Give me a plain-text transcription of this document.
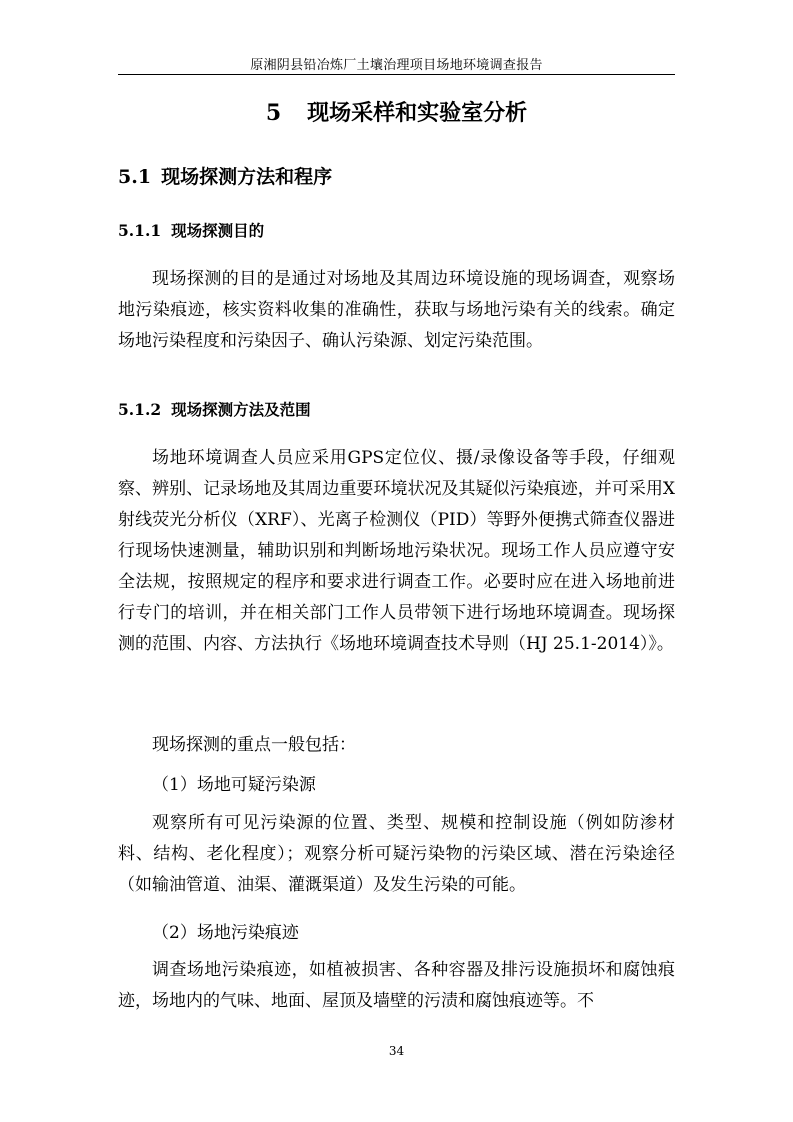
原湘阴县铅冶炼厂土壤治理项目场地环境调查报告
5 现场采样和实验室分析
5.1 现场探测方法和程序
5.1.1 现场探测目的
现场探测的目的是通过对场地及其周边环境设施的现场调查，观察场地污染痕迹，核实资料收集的准确性，获取与场地污染有关的线索。确定场地污染程度和污染因子、确认污染源、划定污染范围。
5.1.2 现场探测方法及范围
场地环境调查人员应采用GPS定位仪、摄/录像设备等手段，仔细观察、辨别、记录场地及其周边重要环境状况及其疑似污染痕迹，并可采用X射线荧光分析仪（XRF）、光离子检测仪（PID）等野外便携式筛查仪器进行现场快速测量，辅助识别和判断场地污染状况。现场工作人员应遵守安全法规，按照规定的程序和要求进行调查工作。必要时应在进入场地前进行专门的培训，并在相关部门工作人员带领下进行场地环境调查。现场探测的范围、内容、方法执行《场地环境调查技术导则（HJ 25.1-2014）》。
现场探测的重点一般包括：
（1）场地可疑污染源
观察所有可见污染源的位置、类型、规模和控制设施（例如防渗材料、结构、老化程度）；观察分析可疑污染物的污染区域、潜在污染途径（如输油管道、油渠、灌溉渠道）及发生污染的可能。
（2）场地污染痕迹
调查场地污染痕迹，如植被损害、各种容器及排污设施损坏和腐蚀痕迹，场地内的气味、地面、屋顶及墙壁的污渍和腐蚀痕迹等。不
34
